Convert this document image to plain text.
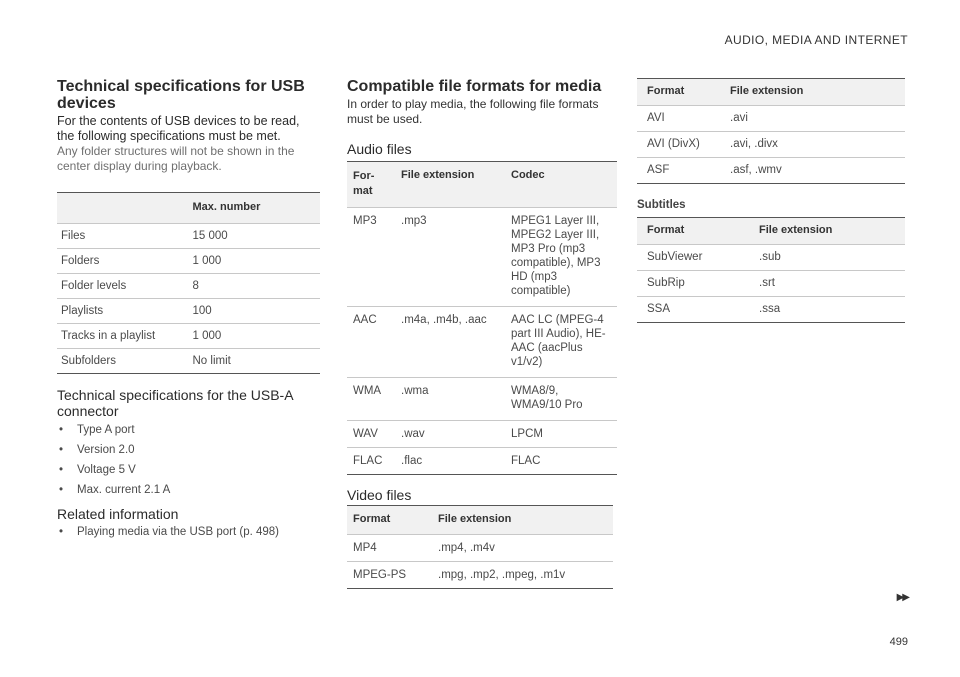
AUDIO, MEDIA AND INTERNET
Technical specifications for USB devices

For the contents of USB devices to be read, the following specifications must be met.

Any folder structures will not be shown in the center display during playback.

	Max. number
Files	15 000
Folders	1 000
Folder levels	8
Playlists	100
Tracks in a playlist	1 000
Subfolders	No limit
Technical specifications for the USB-A connector
• Type A port
• Version 2.0
• Voltage 5 V
• Max. current 2.1 A
Related information
• Playing media via the USB port (p. 498)
Compatible file formats for media

In order to play media, the following file formats must be used.

Audio files
For- mat	File extension	Codec
MP3	.mp3	MPEG1 Layer III, MPEG2 Layer III, MP3 Pro (mp3 compatible), MP3 HD (mp3 compatible)
AAC	.m4a, .m4b, .aac	AAC LC (MPEG-4 part III Audio), HE-AAC (aacPlus v1/v2)
WMA	.wma	WMA8/9, WMA9/10 Pro
WAV	.wav	LPCM
FLAC	.flac	FLAC
Video files
Format	File extension
MP4	.mp4, .m4v
MPEG-PS	.mpg, .mp2, .mpeg, .m1v
Format	File extension
AVI	.avi
AVI (DivX)	.avi, .divx
ASF	.asf, .wmv
Subtitles
Format	File extension
SubViewer	.sub
SubRip	.srt
SSA	.ssa
▶▶
499
